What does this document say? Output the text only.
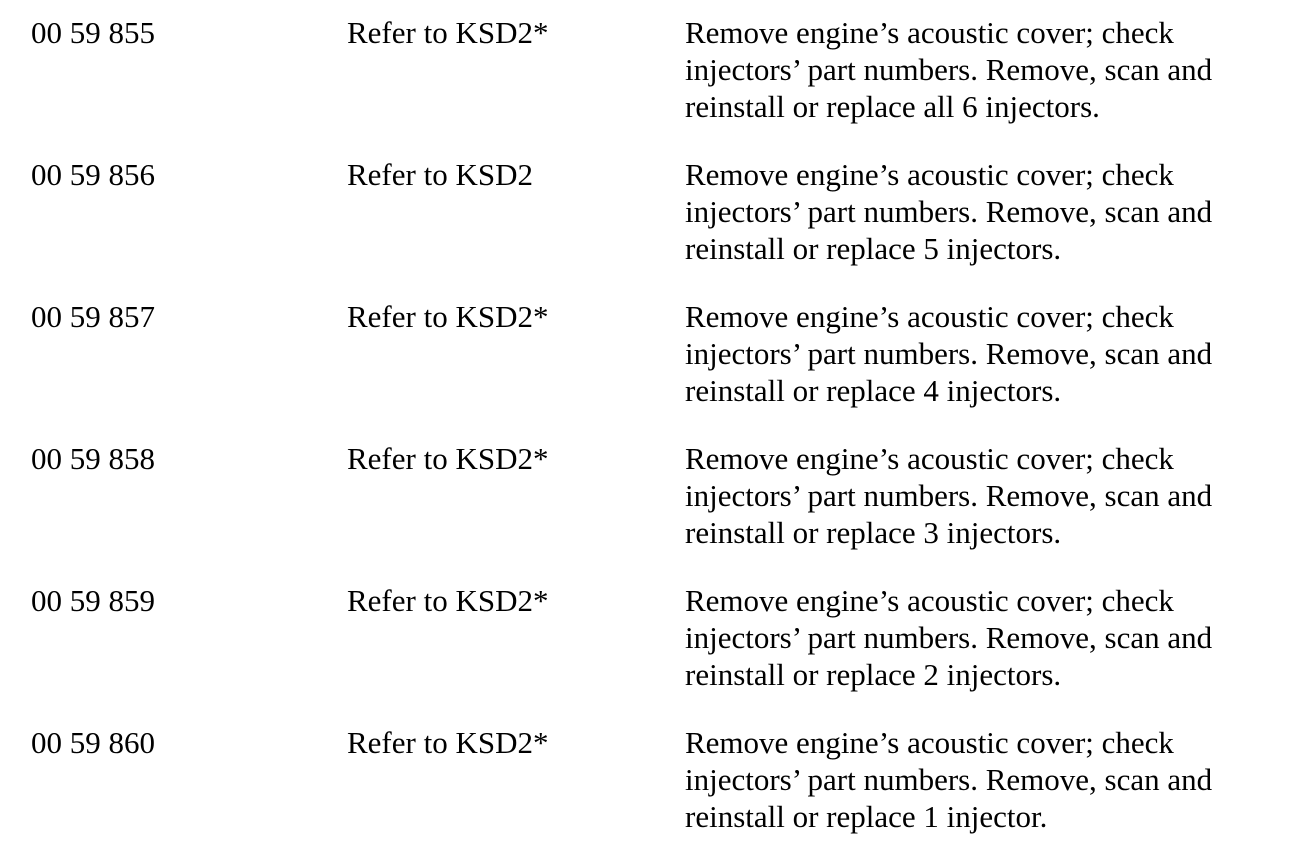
00 59 855	Refer to KSD2*	Remove engine’s acoustic cover; check
injectors’ part numbers. Remove, scan and
reinstall or replace all 6 injectors.
00 59 856	Refer to KSD2	Remove engine’s acoustic cover; check
injectors’ part numbers. Remove, scan and
reinstall or replace 5 injectors.
00 59 857	Refer to KSD2*	Remove engine’s acoustic cover; check
injectors’ part numbers. Remove, scan and
reinstall or replace 4 injectors.
00 59 858	Refer to KSD2*	Remove engine’s acoustic cover; check
injectors’ part numbers. Remove, scan and
reinstall or replace 3 injectors.
00 59 859	Refer to KSD2*	Remove engine’s acoustic cover; check
injectors’ part numbers. Remove, scan and
reinstall or replace 2 injectors.
00 59 860	Refer to KSD2*	Remove engine’s acoustic cover; check
injectors’ part numbers. Remove, scan and
reinstall or replace 1 injector.
